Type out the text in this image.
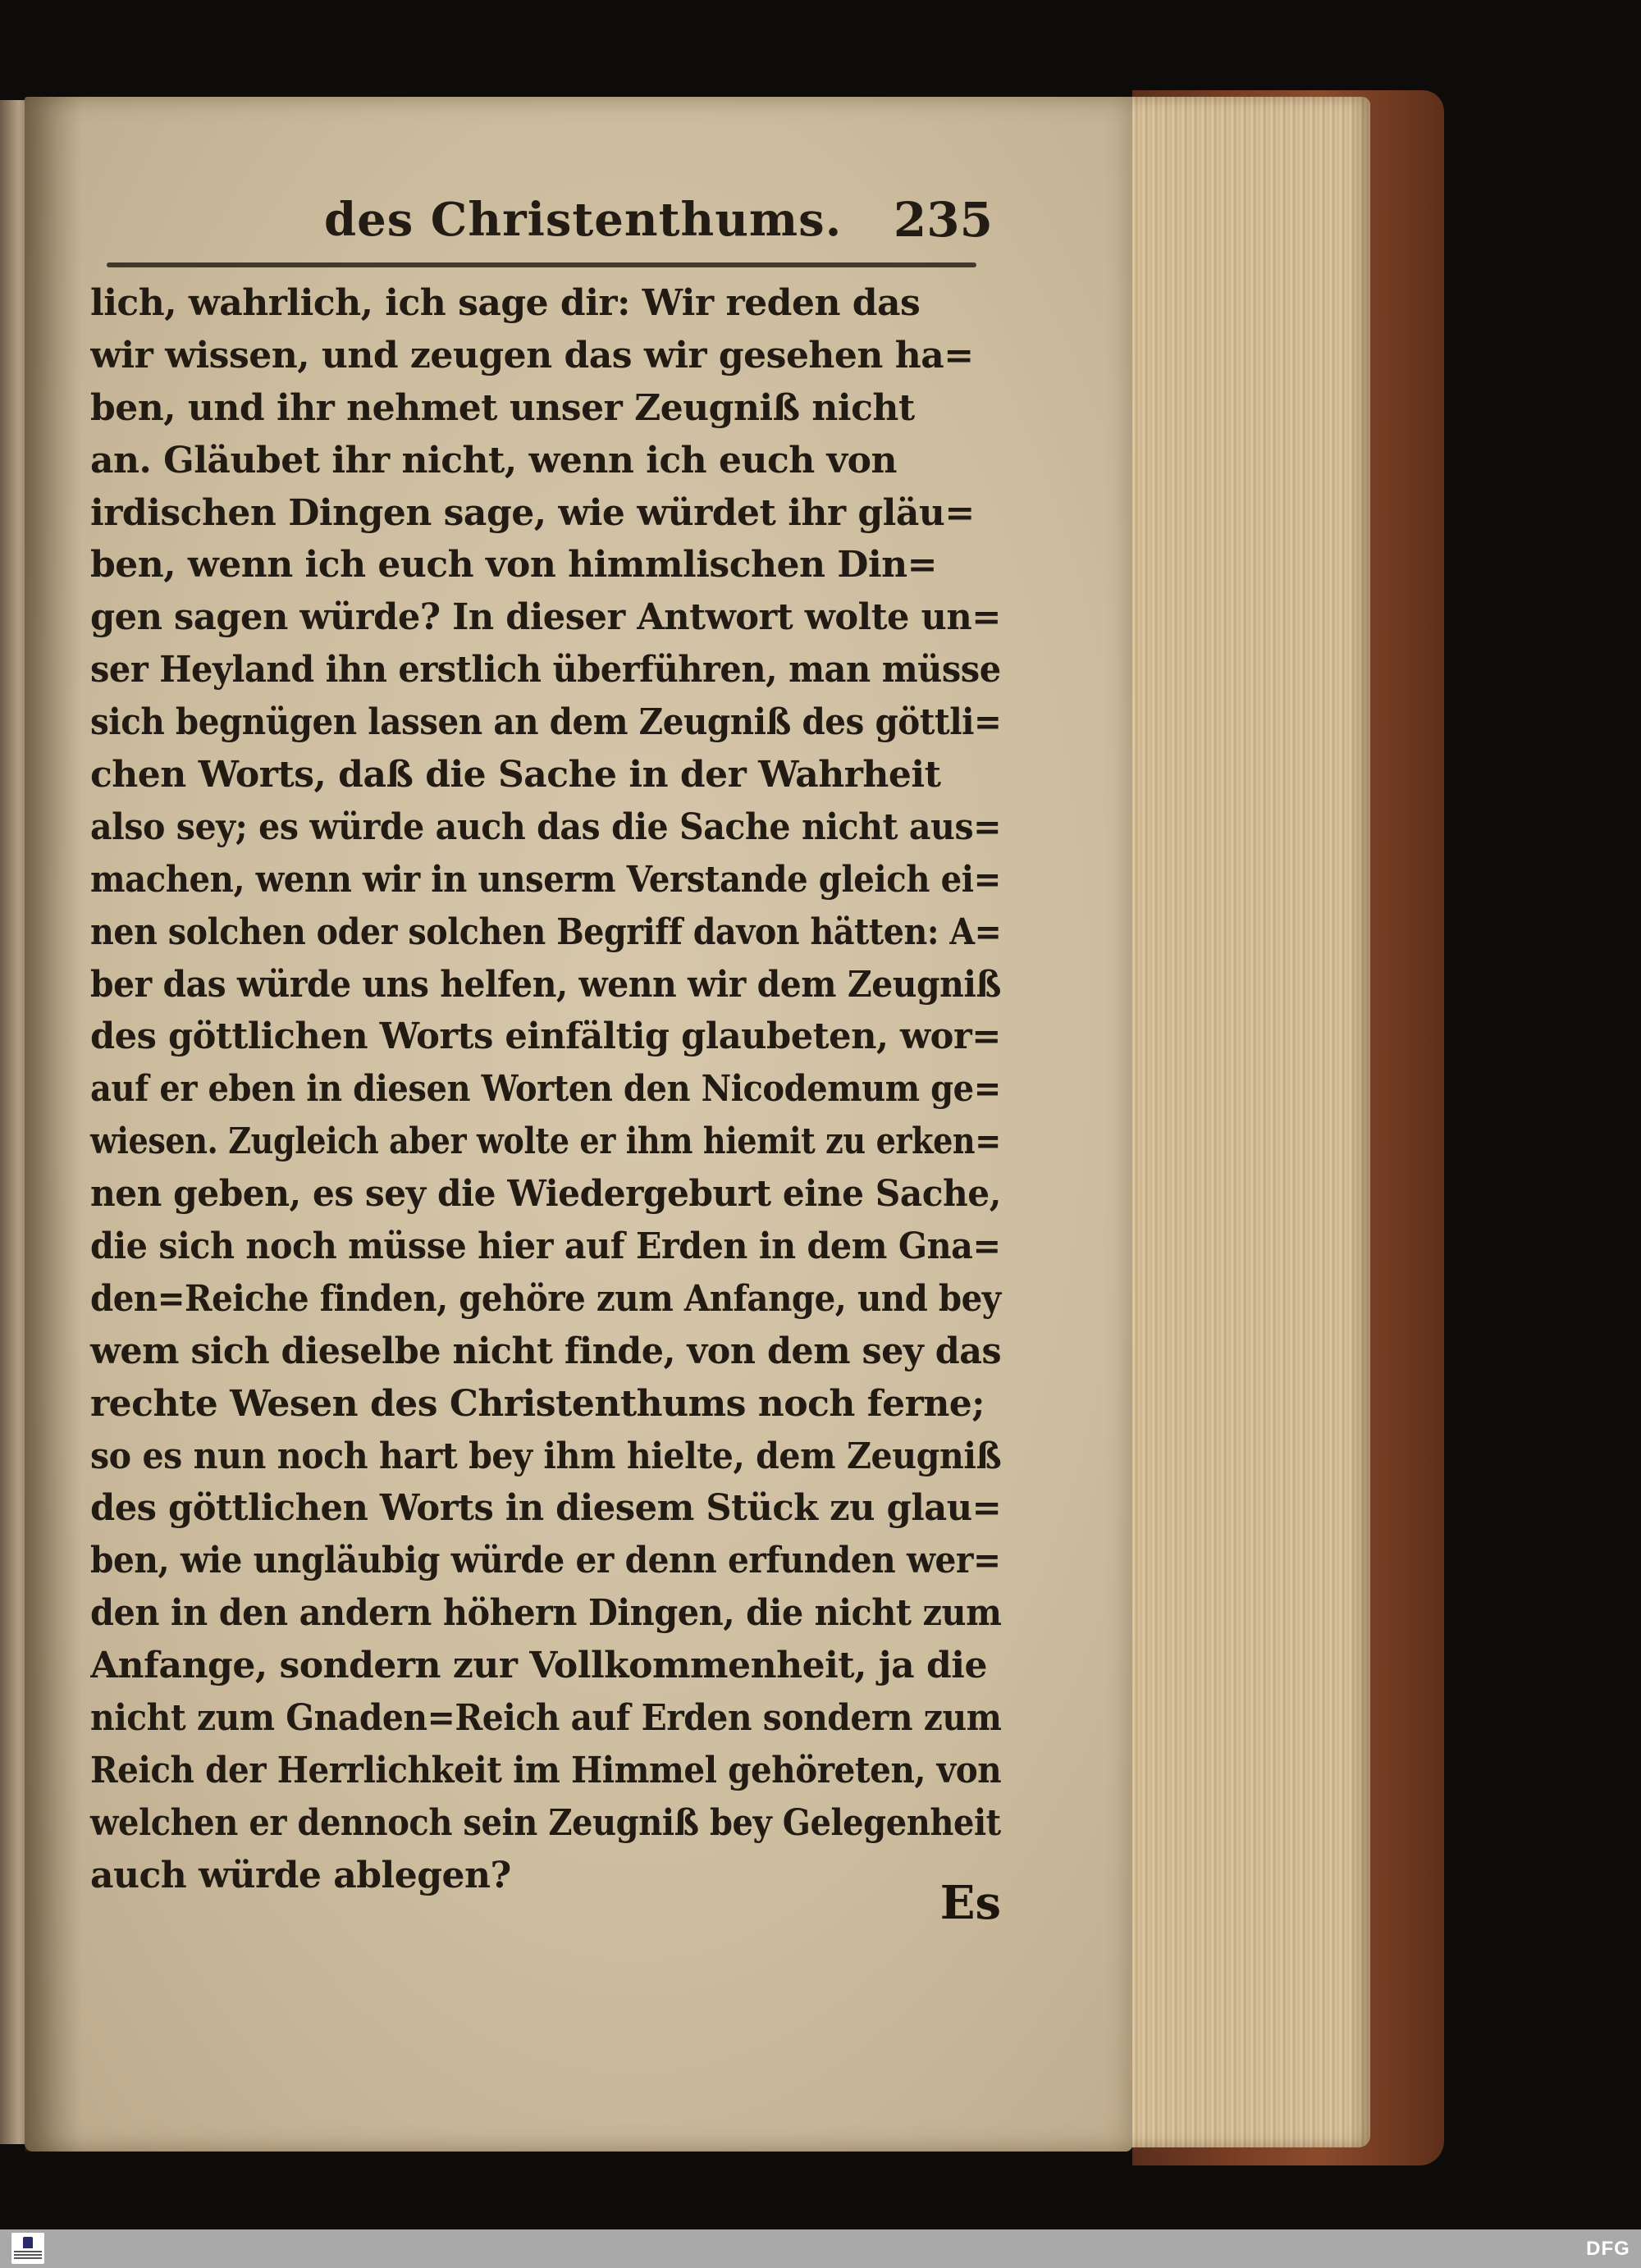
des Christenthums. 235
lich, wahrlich, ich sage dir: Wir reden das
wir wissen, und zeugen das wir gesehen ha=
ben, und ihr nehmet unser Zeugniß nicht
an. Gläubet ihr nicht, wenn ich euch von
irdischen Dingen sage, wie würdet ihr gläu=
ben, wenn ich euch von himmlischen Din=
gen sagen würde? In dieser Antwort wolte un=
ser Heyland ihn erstlich überführen, man müsse
sich begnügen lassen an dem Zeugniß des göttli=
chen Worts, daß die Sache in der Wahrheit
also sey; es würde auch das die Sache nicht aus=
machen, wenn wir in unserm Verstande gleich ei=
nen solchen oder solchen Begriff davon hätten: A=
ber das würde uns helfen, wenn wir dem Zeugniß
des göttlichen Worts einfältig glaubeten, wor=
auf er eben in diesen Worten den Nicodemum ge=
wiesen. Zugleich aber wolte er ihm hiemit zu erken=
nen geben, es sey die Wiedergeburt eine Sache,
die sich noch müsse hier auf Erden in dem Gna=
den=Reiche finden, gehöre zum Anfange, und bey
wem sich dieselbe nicht finde, von dem sey das
rechte Wesen des Christenthums noch ferne;
so es nun noch hart bey ihm hielte, dem Zeugniß
des göttlichen Worts in diesem Stück zu glau=
ben, wie ungläubig würde er denn erfunden wer=
den in den andern höhern Dingen, die nicht zum
Anfange, sondern zur Vollkommenheit, ja die
nicht zum Gnaden=Reich auf Erden sondern zum
Reich der Herrlichkeit im Himmel gehöreten, von
welchen er dennoch sein Zeugniß bey Gelegenheit
auch würde ablegen?
Es
DFG
